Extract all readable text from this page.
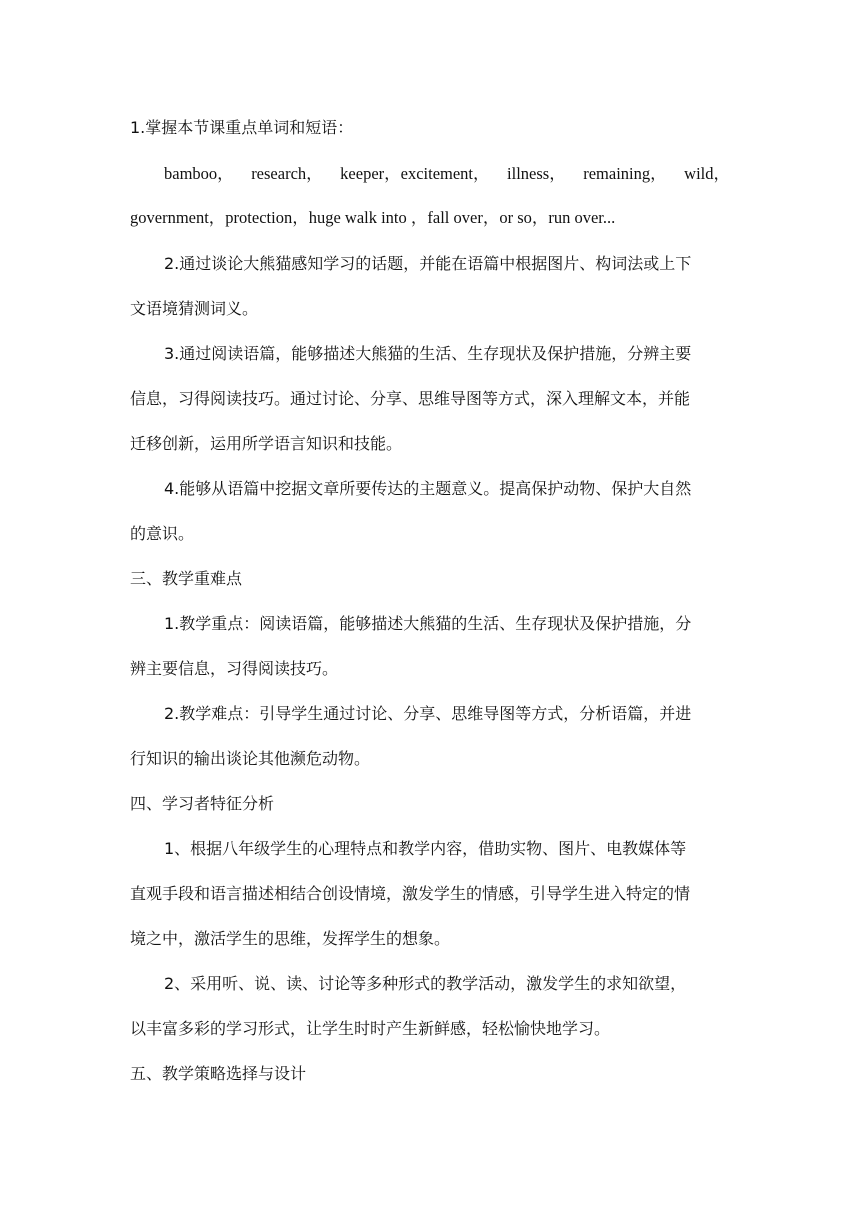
1.掌握本节课重点单词和短语：
bamboo， research， keeper，excitement， illness， remaining， wild，
government，protection，huge walk into ，fall over，or so，run over...
2.通过谈论大熊猫感知学习的话题，并能在语篇中根据图片、构词法或上下
文语境猜测词义。
3.通过阅读语篇，能够描述大熊猫的生活、生存现状及保护措施，分辨主要
信息，习得阅读技巧。通过讨论、分享、思维导图等方式，深入理解文本，并能
迁移创新，运用所学语言知识和技能。
4.能够从语篇中挖据文章所要传达的主题意义。提高保护动物、保护大自然
的意识。
三、教学重难点
1.教学重点：阅读语篇，能够描述大熊猫的生活、生存现状及保护措施，分
辨主要信息，习得阅读技巧。
2.教学难点：引导学生通过讨论、分享、思维导图等方式，分析语篇，并进
行知识的输出谈论其他濒危动物。
四、学习者特征分析
1、根据八年级学生的心理特点和教学内容，借助实物、图片、电教媒体等
直观手段和语言描述相结合创设情境，激发学生的情感，引导学生进入特定的情
境之中，激活学生的思维，发挥学生的想象。
2、采用听、说、读、讨论等多种形式的教学活动，激发学生的求知欲望，
以丰富多彩的学习形式，让学生时时产生新鲜感，轻松愉快地学习。
五、教学策略选择与设计
